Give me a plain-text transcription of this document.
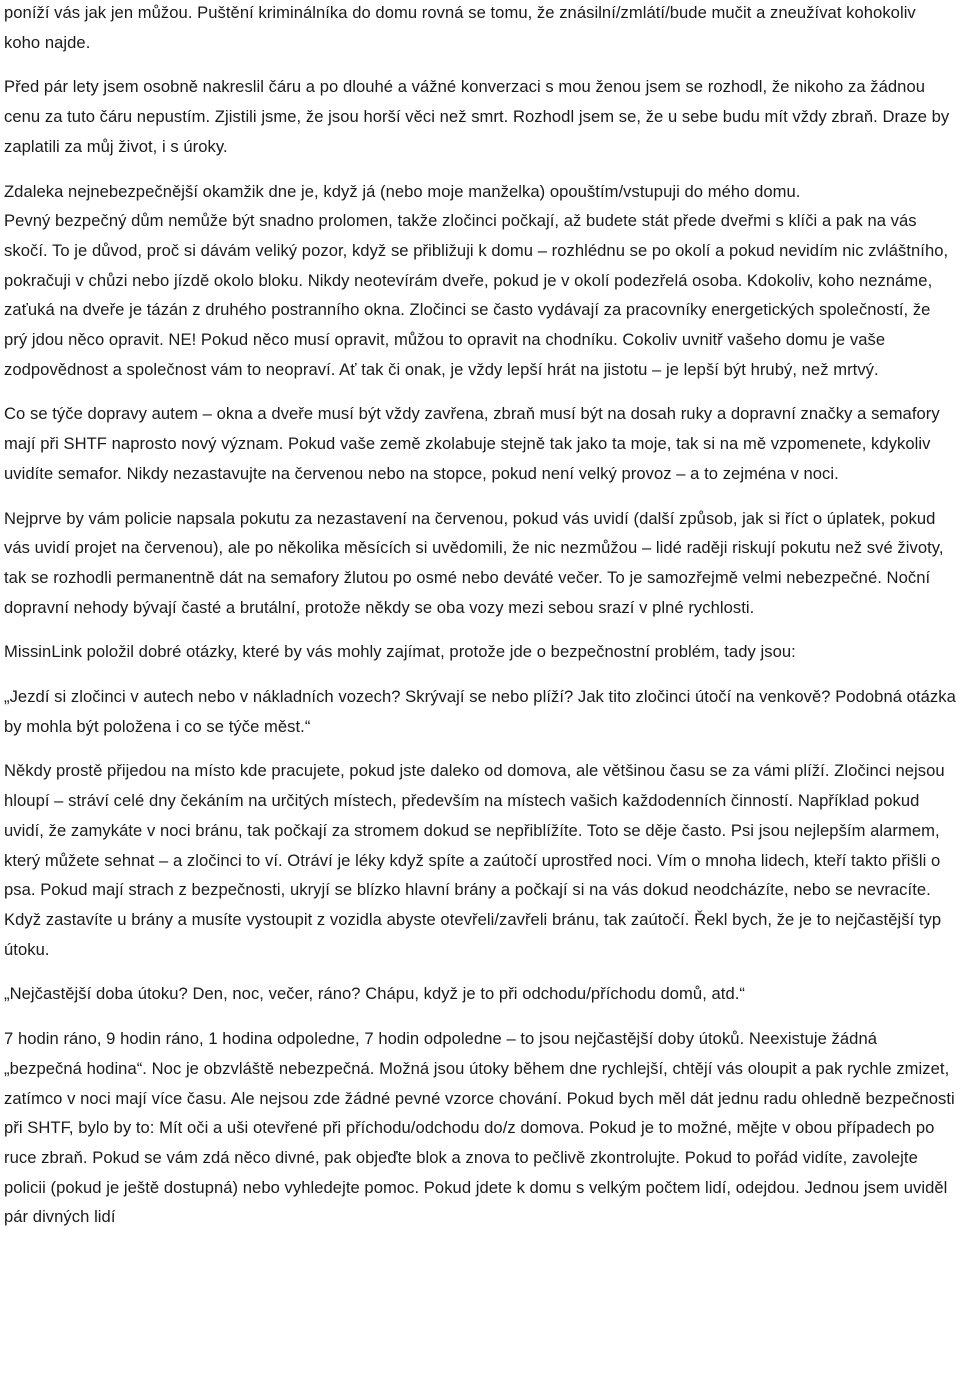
poníží vás jak jen můžou. Puštění kriminálníka do domu rovná se tomu, že znásilní/zmlátí/bude mučit a zneužívat kohokoliv koho najde.

Před pár lety jsem osobně nakreslil čáru a po dlouhé a vážné konverzaci s mou ženou jsem se rozhodl, že nikoho za žádnou cenu za tuto čáru nepustím. Zjistili jsme, že jsou horší věci než smrt. Rozhodl jsem se, že u sebe budu mít vždy zbraň. Draze by zaplatili za můj život, i s úroky.

Zdaleka nejnebezpečnější okamžik dne je, když já (nebo moje manželka) opouštím/vstupuji do mého domu.

Pevný bezpečný dům nemůže být snadno prolomen, takže zločinci počkají, až budete stát přede dveřmi s klíči a pak na vás skočí. To je důvod, proč si dávám veliký pozor, když se přibližuji k domu – rozhlédnu se po okolí a pokud nevidím nic zvláštního, pokračuji v chůzi nebo jízdě okolo bloku. Nikdy neotevírám dveře, pokud je v okolí podezřelá osoba. Kdokoliv, koho neznáme, zaťuká na dveře je tázán z druhého postranního okna. Zločinci se často vydávají za pracovníky energetických společností, že prý jdou něco opravit. NE! Pokud něco musí opravit, můžou to opravit na chodníku. Cokoliv uvnitř vašeho domu je vaše zodpovědnost a společnost vám to neopraví. Ať tak či onak, je vždy lepší hrát na jistotu – je lepší být hrubý, než mrtvý.

Co se týče dopravy autem – okna a dveře musí být vždy zavřena, zbraň musí být na dosah ruky a dopravní značky a semafory mají při SHTF naprosto nový význam. Pokud vaše země zkolabuje stejně tak jako ta moje, tak si na mě vzpomenete, kdykoliv uvidíte semafor. Nikdy nezastavujte na červenou nebo na stopce, pokud není velký provoz – a to zejména v noci.

Nejprve by vám policie napsala pokutu za nezastavení na červenou, pokud vás uvidí (další způsob, jak si říct o úplatek, pokud vás uvidí projet na červenou), ale po několika měsících si uvědomili, že nic nezmůžou – lidé raději riskují pokutu než své životy, tak se rozhodli permanentně dát na semafory žlutou po osmé nebo deváté večer. To je samozřejmě velmi nebezpečné. Noční dopravní nehody bývají časté a brutální, protože někdy se oba vozy mezi sebou srazí v plné rychlosti.

MissinLink položil dobré otázky, které by vás mohly zajímat, protože jde o bezpečnostní problém, tady jsou:

„Jezdí si zločinci v autech nebo v nákladních vozech? Skrývají se nebo plíží? Jak tito zločinci útočí na venkově? Podobná otázka by mohla být položena i co se týče měst.“

Někdy prostě přijedou na místo kde pracujete, pokud jste daleko od domova, ale většinou času se za vámi plíží. Zločinci nejsou hloupí – stráví celé dny čekáním na určitých místech, především na místech vašich každodenních činností. Například pokud uvidí, že zamykáte v noci bránu, tak počkají za stromem dokud se nepřiblížíte. Toto se děje často. Psi jsou nejlepším alarmem, který můžete sehnat – a zločinci to ví. Otráví je léky když spíte a zaútočí uprostřed noci. Vím o mnoha lidech, kteří takto přišli o psa. Pokud mají strach z bezpečnosti, ukryjí se blízko hlavní brány a počkají si na vás dokud neodcházíte, nebo se nevracíte. Když zastavíte u brány a musíte vystoupit z vozidla abyste otevřeli/zavřeli bránu, tak zaútočí. Řekl bych, že je to nejčastější typ útoku.

„Nejčastější doba útoku? Den, noc, večer, ráno? Chápu, když je to při odchodu/příchodu domů, atd.“

7 hodin ráno, 9 hodin ráno, 1 hodina odpoledne, 7 hodin odpoledne – to jsou nejčastější doby útoků. Neexistuje žádná „bezpečná hodina“. Noc je obzvláště nebezpečná. Možná jsou útoky během dne rychlejší, chtějí vás oloupit a pak rychle zmizet, zatímco v noci mají více času. Ale nejsou zde žádné pevné vzorce chování. Pokud bych měl dát jednu radu ohledně bezpečnosti při SHTF, bylo by to: Mít oči a uši otevřené při příchodu/odchodu do/z domova. Pokud je to možné, mějte v obou případech po ruce zbraň. Pokud se vám zdá něco divné, pak objeďte blok a znova to pečlivě zkontrolujte. Pokud to pořád vidíte, zavolejte policii (pokud je ještě dostupná) nebo vyhledejte pomoc. Pokud jdete k domu s velkým počtem lidí, odejdou. Jednou jsem uviděl pár divných lidí
